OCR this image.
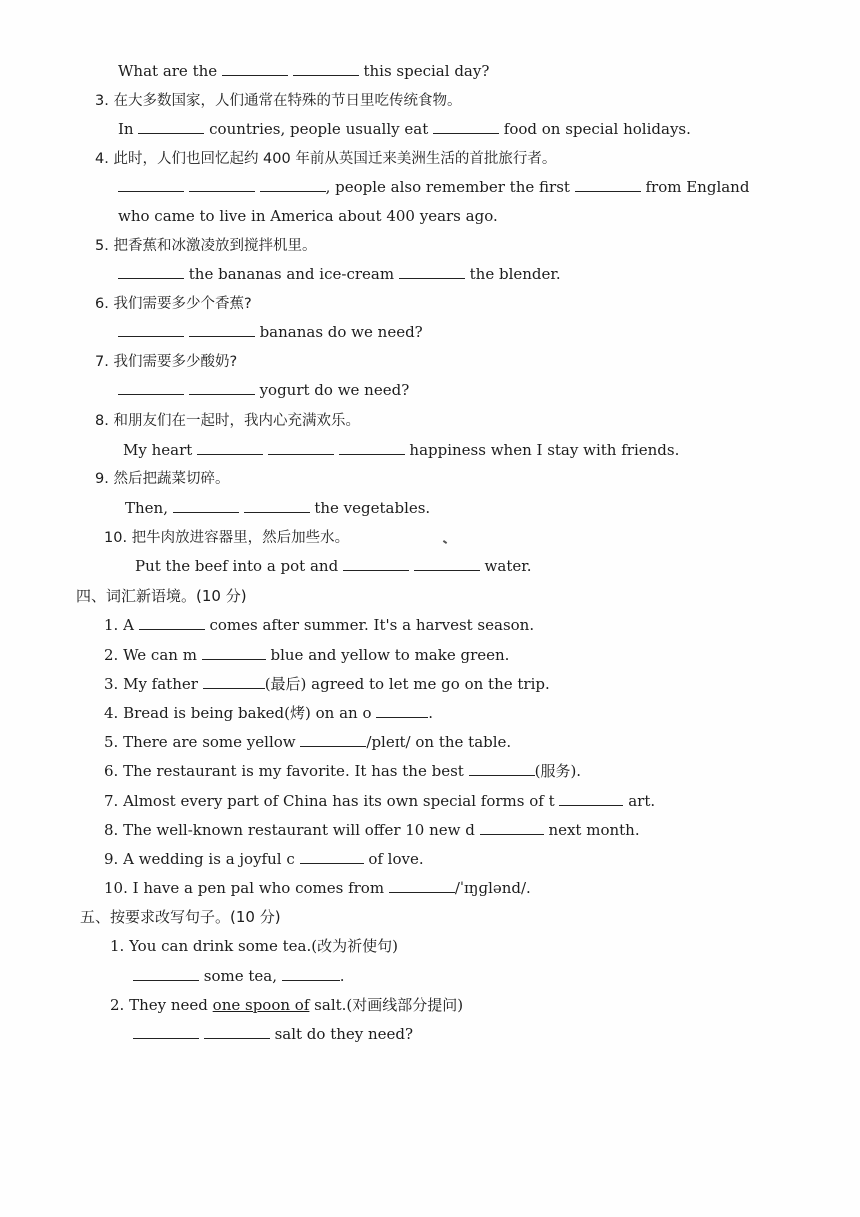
What are the	this special day?
3. 在大多数国家，人们通常在特殊的节日里吃传统食物。
In	countries, people usually eat	food on special holidays.
4. 此时，人们也回忆起约 400 年前从英国迁来美洲生活的首批旅行者。
, people also remember the first	from England
who came to live in America about 400 years ago.
5. 把香蕉和冰激凌放到搅拌机里。
the bananas and ice-cream	the blender.
6. 我们需要多少个香蕉?
bananas do we need?
7. 我们需要多少酸奶?
yogurt do we need?
8. 和朋友们在一起时，我内心充满欢乐。
My heart	happiness when I stay with friends.
9. 然后把蔬菜切碎。
Then,	the vegetables.
10. 把牛肉放进容器里，然后加些水。
Put the beef into a pot and	water.
四、词汇新语境。(10 分)
1. A	comes after summer. It's a harvest season.
2. We can m	blue and yellow to make green.
3. My father	(最后) agreed to let me go on the trip.
4. Bread is being baked(烤) on an o	.
5. There are some yellow	/pleɪt/ on the table.
6. The restaurant is my favorite. It has the best	(服务).
7. Almost every part of China has its own special forms of t	art.
8. The well-known restaurant will offer 10 new d	next month.
9. A wedding is a joyful c	of love.
10. I have a pen pal who comes from	/ˈɪŋɡlənd/.
五、按要求改写句子。(10 分)
1. You can drink some tea.(改为祈使句)
some tea,	.
2. They need one spoon of salt.(对画线部分提问)
salt do they need?
